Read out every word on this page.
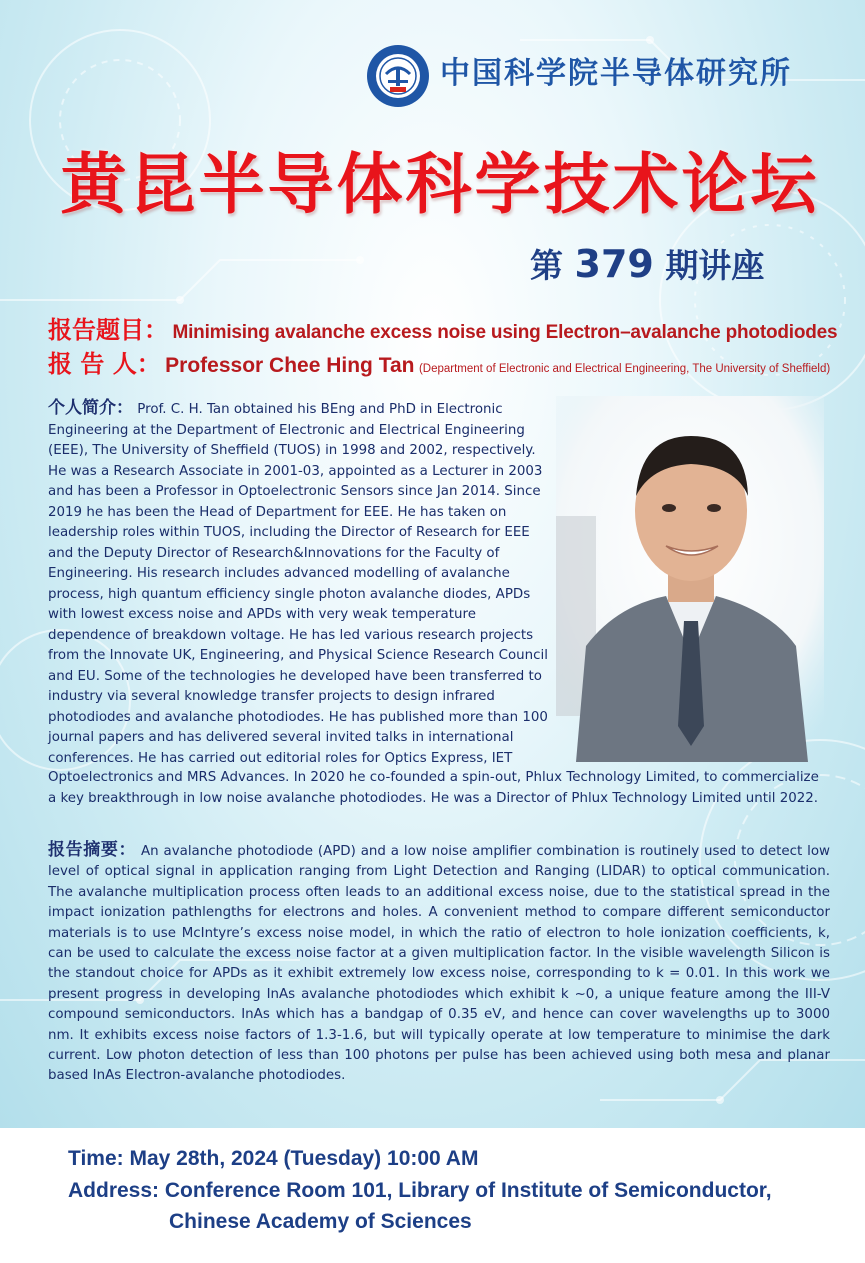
中国科学院半导体研究所
黄昆半导体科学技术论坛
第 379 期讲座
报告题目： Minimising avalanche excess noise using Electron–avalanche photodiodes
报 告 人： Professor Chee Hing Tan (Department of Electronic and Electrical Engineering, The University of Sheffield)
个人简介： Prof. C. H. Tan obtained his BEng and PhD in Electronic Engineering at the Department of Electronic and Electrical Engineering (EEE), The University of Sheffield (TUOS) in 1998 and 2002, respectively. He was a Research Associate in 2001-03, appointed as a Lecturer in 2003 and has been a Professor in Optoelectronic Sensors since Jan 2014. Since 2019 he has been the Head of Department for EEE. He has taken on leadership roles within TUOS, including the Director of Research for EEE and the Deputy Director of Research&Innovations for the Faculty of Engineering. His research includes advanced modelling of avalanche process, high quantum efficiency single photon avalanche diodes, APDs with lowest excess noise and APDs with very weak temperature dependence of breakdown voltage. He has led various research projects from the Innovate UK, Engineering, and Physical Science Research Council and EU. Some of the technologies he developed have been transferred to industry via several knowledge transfer projects to design infrared photodiodes and avalanche photodiodes. He has published more than 100 journal papers and has delivered several invited talks in international conferences. He has carried out editorial roles for Optics Express, IET
Optoelectronics and MRS Advances. In 2020 he co-founded a spin-out, Phlux Technology Limited, to commercialize
a key breakthrough in low noise avalanche photodiodes. He was a Director of Phlux Technology Limited until 2022.
报告摘要： An avalanche photodiode (APD) and a low noise amplifier combination is routinely used to detect low level of optical signal in application ranging from Light Detection and Ranging (LIDAR) to optical communication. The avalanche multiplication process often leads to an additional excess noise, due to the statistical spread in the impact ionization pathlengths for electrons and holes. A convenient method to compare different semiconductor materials is to use McIntyre’s excess noise model, in which the ratio of electron to hole ionization coefficients, k, can be used to calculate the excess noise factor at a given multiplication factor. In the visible wavelength Silicon is the standout choice for APDs as it exhibit extremely low excess noise, corresponding to k = 0.01. In this work we present progress in developing InAs avalanche photodiodes which exhibit k ~0, a unique feature among the III-V compound semiconductors. InAs which has a bandgap of 0.35 eV, and hence can cover wavelengths up to 3000 nm. It exhibits excess noise factors of 1.3-1.6, but will typically operate at low temperature to minimise the dark current. Low photon detection of less than 100 photons per pulse has been achieved using both mesa and planar based InAs Electron-avalanche photodiodes.
Time: May 28th, 2024 (Tuesday) 10:00 AM
Address: Conference Room 101, Library of Institute of Semiconductor,
Chinese Academy of Sciences
